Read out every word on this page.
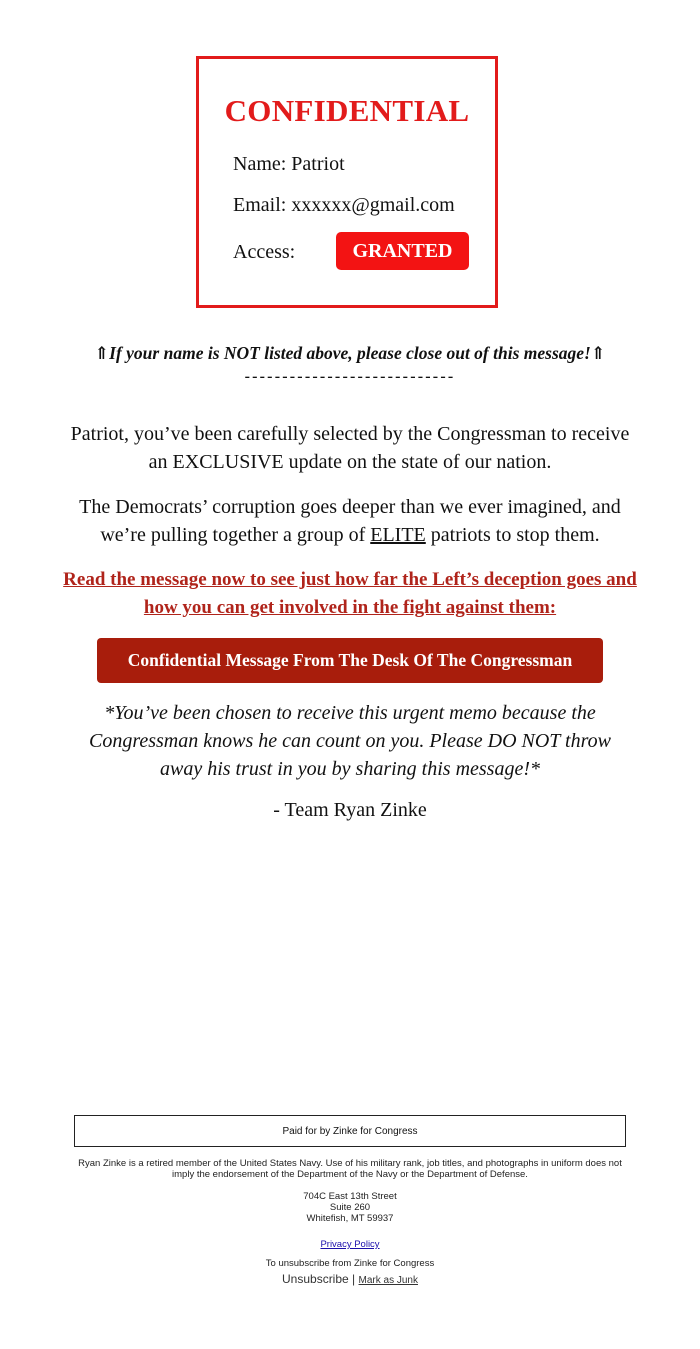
CONFIDENTIAL
Name: Patriot
Email: xxxxxx@gmail.com
Access:	GRANTED
⇑If your name is NOT listed above, please close out of this message!⇑
----------------------------
Patriot, you’ve been carefully selected by the Congressman to receive an EXCLUSIVE update on the state of our nation.
The Democrats’ corruption goes deeper than we ever imagined, and we’re pulling together a group of ELITE patriots to stop them.
Read the message now to see just how far the Left’s deception goes and how you can get involved in the fight against them:
Confidential Message From The Desk Of The Congressman
*You’ve been chosen to receive this urgent memo because the Congressman knows he can count on you. Please DO NOT throw away his trust in you by sharing this message!*
- Team Ryan Zinke
Paid for by Zinke for Congress
Ryan Zinke is a retired member of the United States Navy. Use of his military rank, job titles, and photographs in uniform does not imply the endorsement of the Department of the Navy or the Department of Defense.
704C East 13th Street
Suite 260
Whitefish, MT 59937
Privacy Policy
To unsubscribe from Zinke for Congress
Unsubscribe | Mark as Junk
